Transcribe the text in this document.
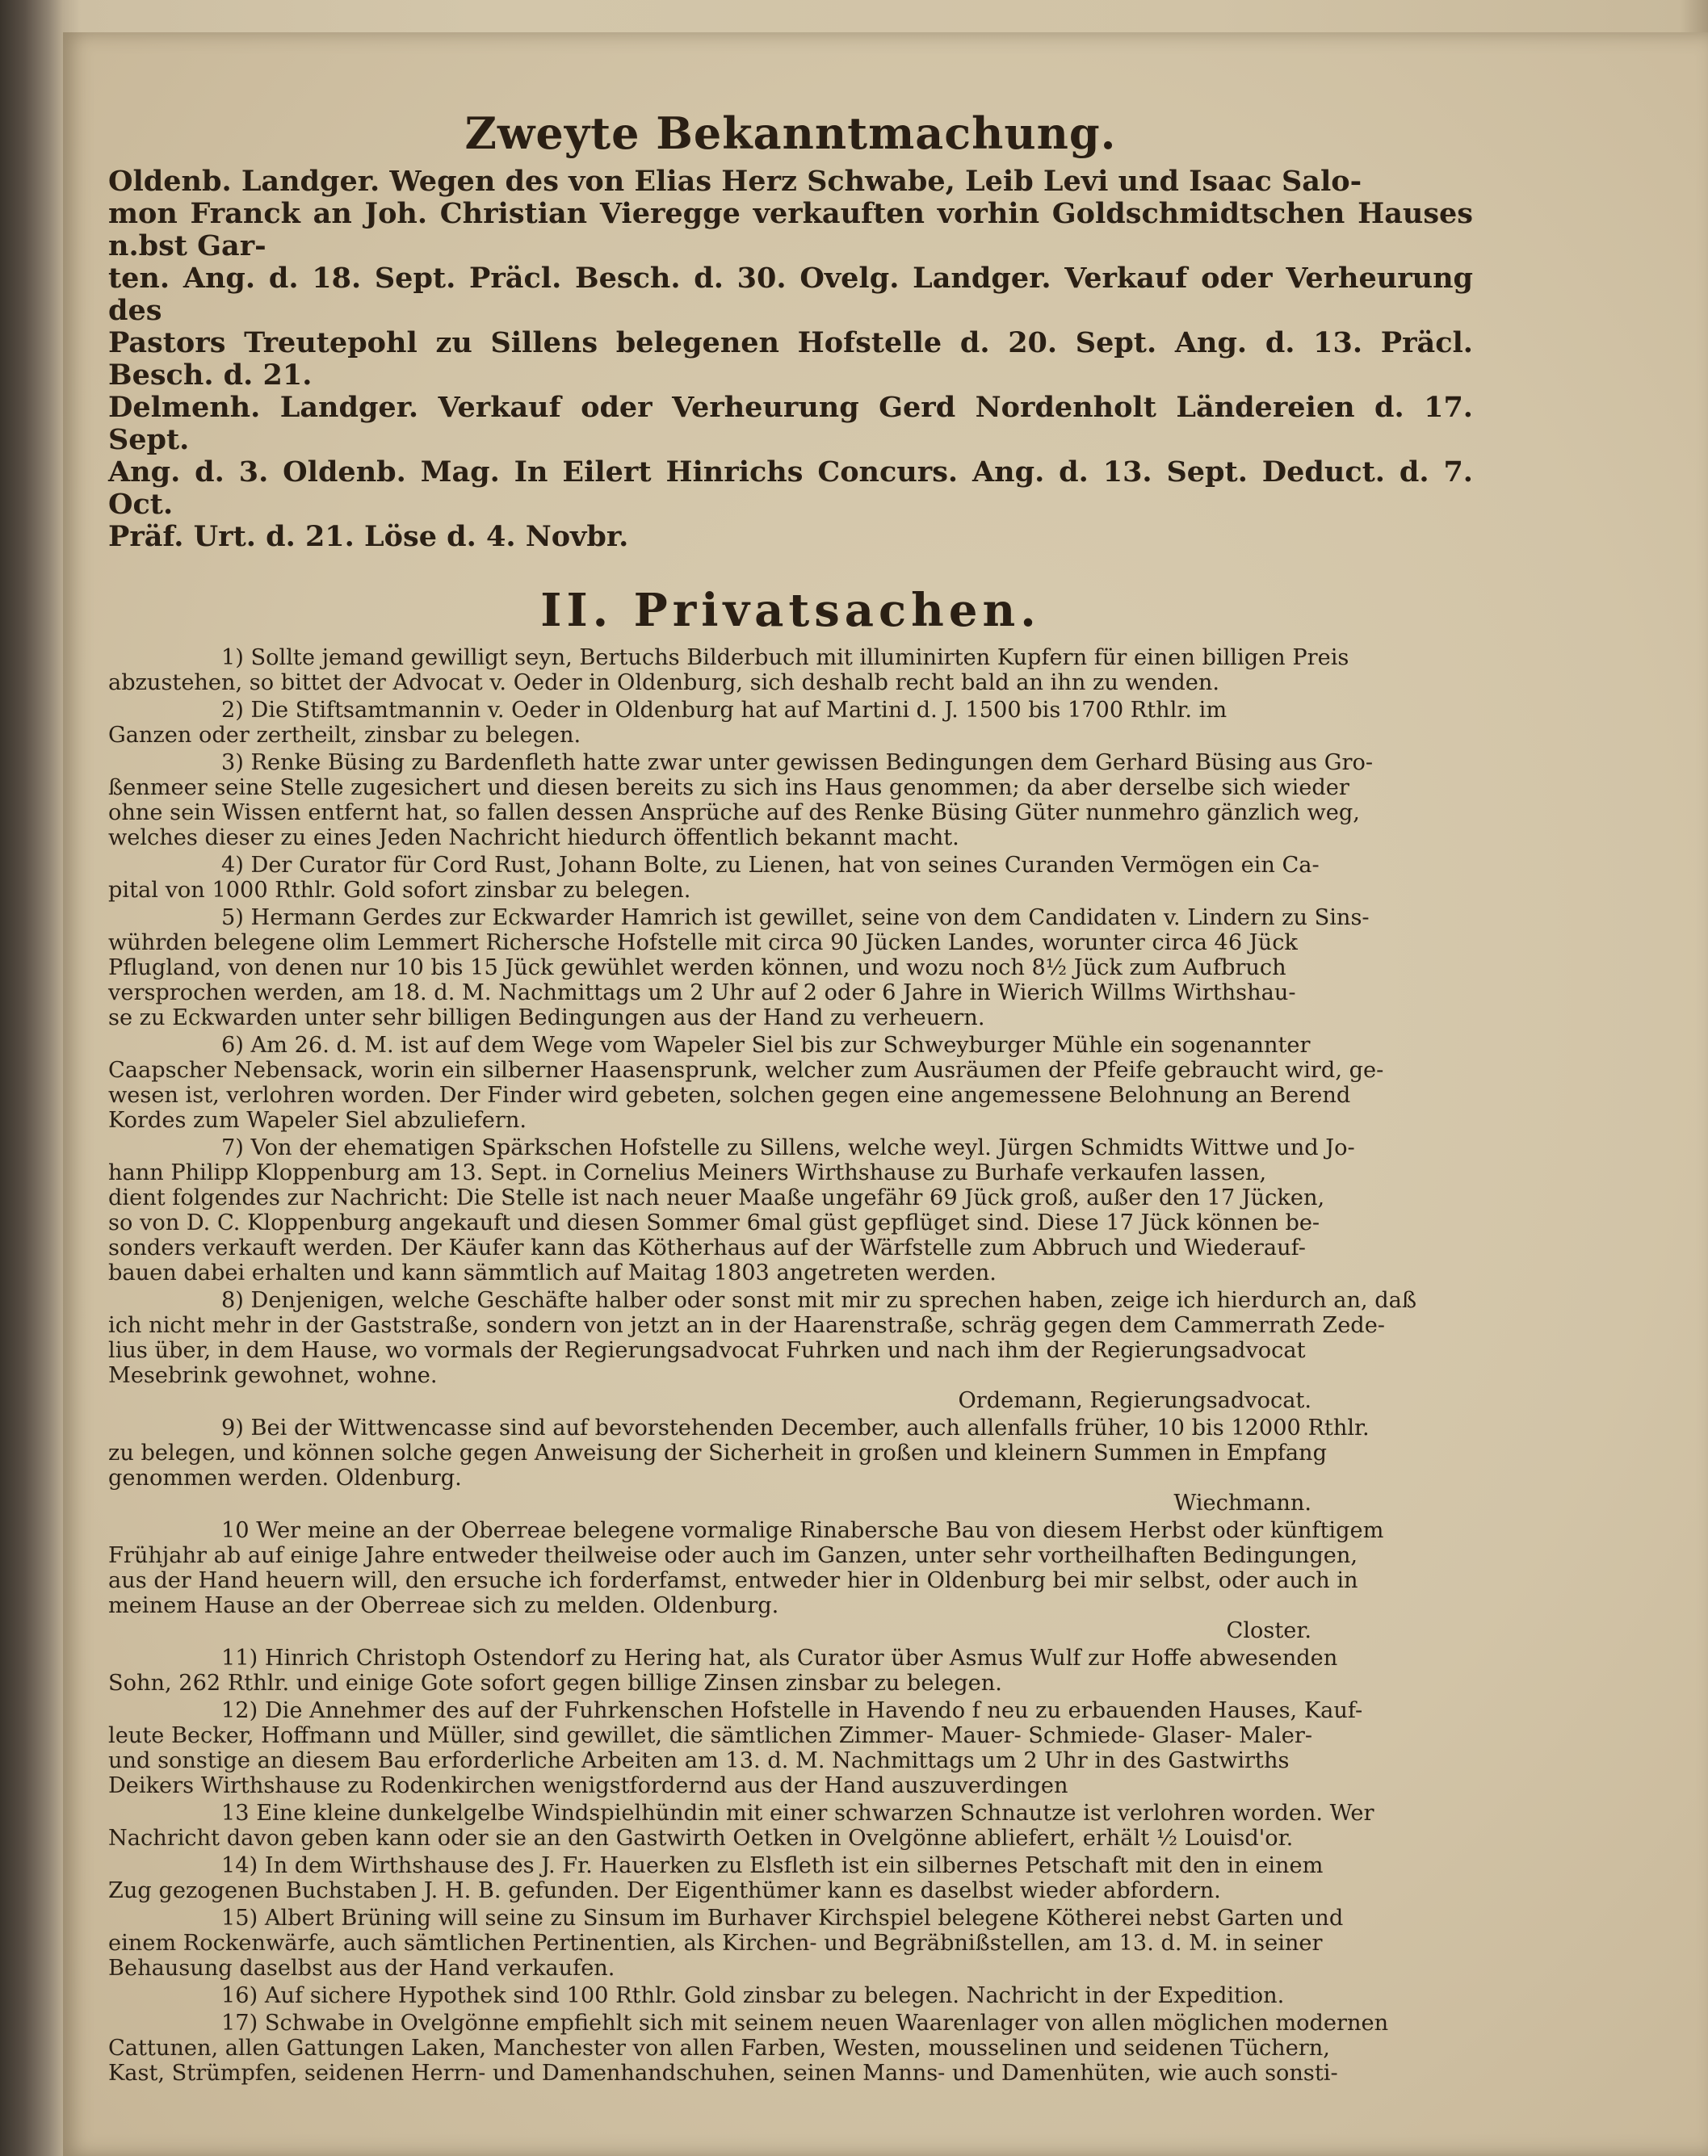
Zweyte Bekanntmachung.

Oldenb. Landger. Wegen des von Elias Herz Schwabe, Leib Levi und Isaac Salo-

mon Franck an Joh. Christian Vieregge verkauften vorhin Goldschmidtschen Hauses n.bst Gar-

ten. Ang. d. 18. Sept. Präcl. Besch. d. 30. Ovelg. Landger. Verkauf oder Verheurung des

Pastors Treutepohl zu Sillens belegenen Hofstelle d. 20. Sept. Ang. d. 13. Präcl. Besch. d. 21.

Delmenh. Landger. Verkauf oder Verheurung Gerd Nordenholt Ländereien d. 17. Sept.

Ang. d. 3. Oldenb. Mag. In Eilert Hinrichs Concurs. Ang. d. 13. Sept. Deduct. d. 7. Oct.

Präf. Urt. d. 21. Löse d. 4. Novbr.

II. Privatsachen.
1) Sollte jemand gewilligt seyn, Bertuchs Bilderbuch mit illuminirten Kupfern für einen billigen Preis
abzustehen, so bittet der Advocat v. Oeder in Oldenburg, sich deshalb recht bald an ihn zu wenden.
2) Die Stiftsamtmannin v. Oeder in Oldenburg hat auf Martini d. J. 1500 bis 1700 Rthlr. im
Ganzen oder zertheilt, zinsbar zu belegen.
3) Renke Büsing zu Bardenfleth hatte zwar unter gewissen Bedingungen dem Gerhard Büsing aus Gro-
ßenmeer seine Stelle zugesichert und diesen bereits zu sich ins Haus genommen; da aber derselbe sich wieder
ohne sein Wissen entfernt hat, so fallen dessen Ansprüche auf des Renke Büsing Güter nunmehro gänzlich weg,
welches dieser zu eines Jeden Nachricht hiedurch öffentlich bekannt macht.
4) Der Curator für Cord Rust, Johann Bolte, zu Lienen, hat von seines Curanden Vermögen ein Ca-
pital von 1000 Rthlr. Gold sofort zinsbar zu belegen.
5) Hermann Gerdes zur Eckwarder Hamrich ist gewillet, seine von dem Candidaten v. Lindern zu Sins-
wührden belegene olim Lemmert Richersche Hofstelle mit circa 90 Jücken Landes, worunter circa 46 Jück
Pflugland, von denen nur 10 bis 15 Jück gewühlet werden können, und wozu noch 8½ Jück zum Aufbruch
versprochen werden, am 18. d. M. Nachmittags um 2 Uhr auf 2 oder 6 Jahre in Wierich Willms Wirthshau-
se zu Eckwarden unter sehr billigen Bedingungen aus der Hand zu verheuern.
6) Am 26. d. M. ist auf dem Wege vom Wapeler Siel bis zur Schweyburger Mühle ein sogenannter
Caapscher Nebensack, worin ein silberner Haasensprunk, welcher zum Ausräumen der Pfeife gebraucht wird, ge-
wesen ist, verlohren worden. Der Finder wird gebeten, solchen gegen eine angemessene Belohnung an Berend
Kordes zum Wapeler Siel abzuliefern.
7) Von der ehematigen Spärkschen Hofstelle zu Sillens, welche weyl. Jürgen Schmidts Wittwe und Jo-
hann Philipp Kloppenburg am 13. Sept. in Cornelius Meiners Wirthshause zu Burhafe verkaufen lassen,
dient folgendes zur Nachricht: Die Stelle ist nach neuer Maaße ungefähr 69 Jück groß, außer den 17 Jücken,
so von D. C. Kloppenburg angekauft und diesen Sommer 6mal güst gepflüget sind. Diese 17 Jück können be-
sonders verkauft werden. Der Käufer kann das Kötherhaus auf der Wärfstelle zum Abbruch und Wiederauf-
bauen dabei erhalten und kann sämmtlich auf Maitag 1803 angetreten werden.
8) Denjenigen, welche Geschäfte halber oder sonst mit mir zu sprechen haben, zeige ich hierdurch an, daß
ich nicht mehr in der Gaststraße, sondern von jetzt an in der Haarenstraße, schräg gegen dem Cammerrath Zede-
lius über, in dem Hause, wo vormals der Regierungsadvocat Fuhrken und nach ihm der Regierungsadvocat
Mesebrink gewohnet, wohne.
Ordemann, Regierungsadvocat.
9) Bei der Wittwencasse sind auf bevorstehenden December, auch allenfalls früher, 10 bis 12000 Rthlr.
zu belegen, und können solche gegen Anweisung der Sicherheit in großen und kleinern Summen in Empfang
genommen werden. Oldenburg.
Wiechmann.
10 Wer meine an der Oberreae belegene vormalige Rinabersche Bau von diesem Herbst oder künftigem
Frühjahr ab auf einige Jahre entweder theilweise oder auch im Ganzen, unter sehr vortheilhaften Bedingungen,
aus der Hand heuern will, den ersuche ich forderfamst, entweder hier in Oldenburg bei mir selbst, oder auch in
meinem Hause an der Oberreae sich zu melden. Oldenburg.
Closter.
11) Hinrich Christoph Ostendorf zu Hering hat, als Curator über Asmus Wulf zur Hoffe abwesenden
Sohn, 262 Rthlr. und einige Gote sofort gegen billige Zinsen zinsbar zu belegen.
12) Die Annehmer des auf der Fuhrkenschen Hofstelle in Havendo f neu zu erbauenden Hauses, Kauf-
leute Becker, Hoffmann und Müller, sind gewillet, die sämtlichen Zimmer- Mauer- Schmiede- Glaser- Maler-
und sonstige an diesem Bau erforderliche Arbeiten am 13. d. M. Nachmittags um 2 Uhr in des Gastwirths
Deikers Wirthshause zu Rodenkirchen wenigstfordernd aus der Hand auszuverdingen
13 Eine kleine dunkelgelbe Windspielhündin mit einer schwarzen Schnautze ist verlohren worden. Wer
Nachricht davon geben kann oder sie an den Gastwirth Oetken in Ovelgönne abliefert, erhält ½ Louisd'or.
14) In dem Wirthshause des J. Fr. Hauerken zu Elsfleth ist ein silbernes Petschaft mit den in einem
Zug gezogenen Buchstaben J. H. B. gefunden. Der Eigenthümer kann es daselbst wieder abfordern.
15) Albert Brüning will seine zu Sinsum im Burhaver Kirchspiel belegene Kötherei nebst Garten und
einem Rockenwärfe, auch sämtlichen Pertinentien, als Kirchen- und Begräbnißstellen, am 13. d. M. in seiner
Behausung daselbst aus der Hand verkaufen.
16) Auf sichere Hypothek sind 100 Rthlr. Gold zinsbar zu belegen. Nachricht in der Expedition.
17) Schwabe in Ovelgönne empfiehlt sich mit seinem neuen Waarenlager von allen möglichen modernen
Cattunen, allen Gattungen Laken, Manchester von allen Farben, Westen, mousselinen und seidenen Tüchern,
Kast, Strümpfen, seidenen Herrn- und Damenhandschuhen, seinen Manns- und Damenhüten, wie auch sonsti-
